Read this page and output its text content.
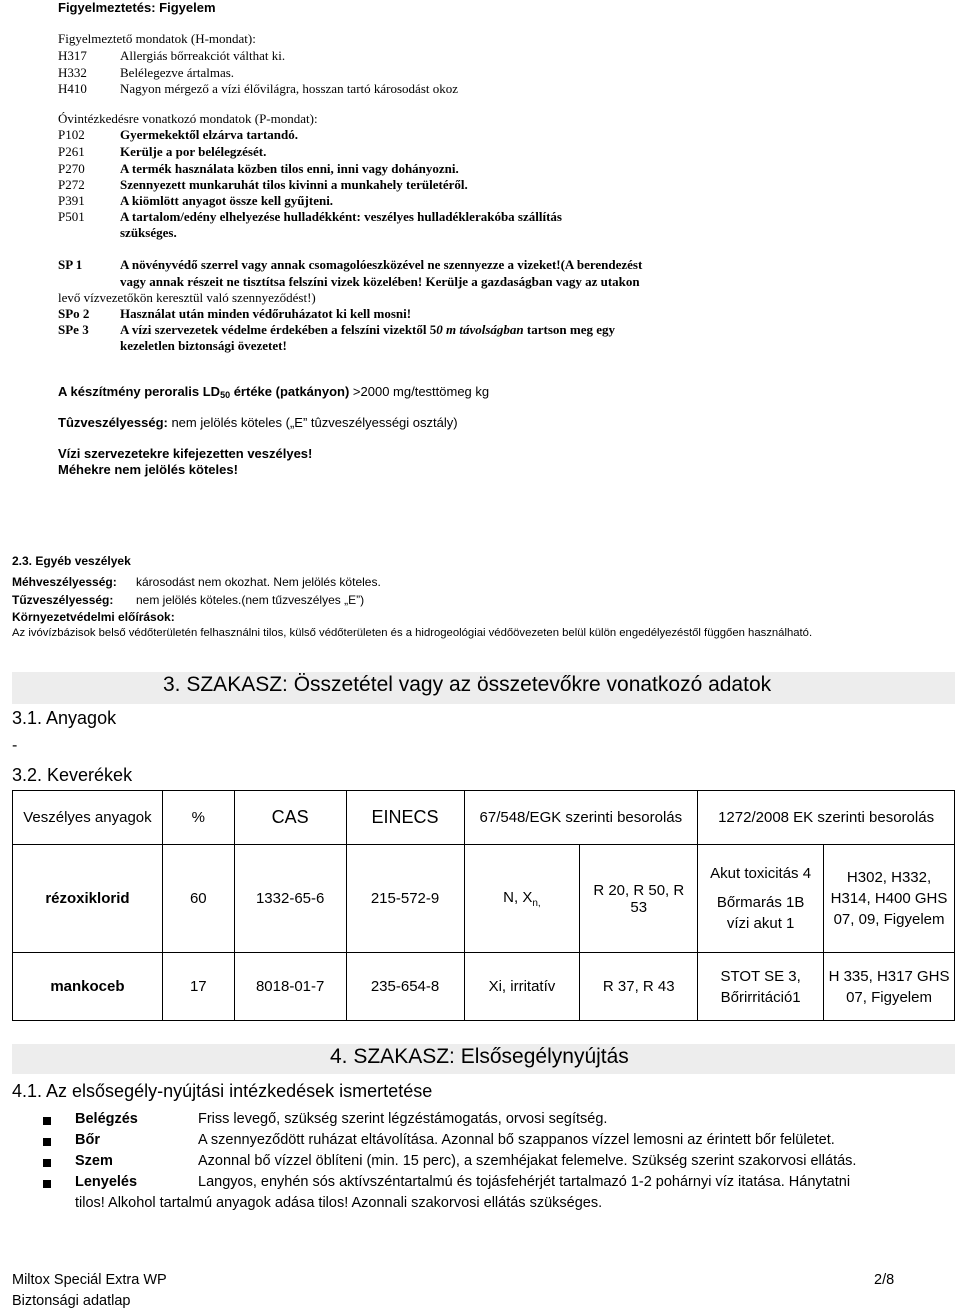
Figyelmeztetés: Figyelem
Figyelmeztető mondatok (H-mondat):
H317	Allergiás bőrreakciót válthat ki.
H332	Belélegezve ártalmas.
H410	Nagyon mérgező a vízi élővilágra, hosszan tartó károsodást okoz
Óvintézkedésre vonatkozó mondatok (P-mondat):
P102	Gyermekektől elzárva tartandó.
P261	Kerülje a por belélegzését.
P270	A termék használata közben tilos enni, inni vagy dohányozni.
P272	Szennyezett munkaruhát tilos kivinni a munkahely területéről.
P391	A kiömlött anyagot össze kell gyűjteni.
P501	A tartalom/edény elhelyezése hulladékként: veszélyes hulladéklerakóba szállítás
szükséges.
SP 1	A növényvédő szerrel vagy annak csomagolóeszközével ne szennyezze a vizeket!(A berendezést
vagy annak részeit ne tisztítsa felszíni vizek közelében! Kerülje a gazdaságban vagy az utakon
levő vízvezetőkön keresztül való szennyeződést!)
SPo 2 Használat után minden védőruházatot ki kell mosni!
SPe 3 A vízi szervezetek védelme érdekében a felszíni vizektől 50 m távolságban tartson meg egy
kezeletlen biztonsági övezetet!
A készítmény peroralis LD50 értéke (patkányon) >2000 mg/testtömeg kg
Tûzveszélyesség: nem jelölés köteles („E” tûzveszélyességi osztály)
Vízi szervezetekre kifejezetten veszélyes!
Méhekre nem jelölés köteles!
2.3. Egyéb veszélyek
Méhveszélyesség: károsodást nem okozhat. Nem jelölés köteles.
Tűzveszélyesség: nem jelölés köteles.(nem tűzveszélyes „E”)
Környezetvédelmi előírások:
Az ivóvízbázisok belső védőterületén felhasználni tilos, külső védőterületen és a hidrogeológiai védőövezeten belül külön engedélyezéstől függően használható.
3. SZAKASZ: Összetétel vagy az összetevőkre vonatkozó adatok
3.1. Anyagok
-
3.2. Keverékek
Veszélyes anyagok	%	CAS	EINECS	67/548/EGK szerinti besorolás		1272/2008 EK szerinti besorolás	
rézoxiklorid	60	1332-65-6	215-572-9	N, $X_{n,}$	R 20, R 50, R 53	Akut toxicitás 4
Bőrmarás 1B
vízi akut 1	H302, H332, H314, H400 GHS 07, 09, Figyelem
mankoceb	17	8018-01-7	235-654-8	Xi, irritatív	R 37, R 43	STOT SE 3, Bőrirritáció1	H 335, H317 GHS 07, Figyelem
4. SZAKASZ: Elsősegélynyújtás
4.1. Az elsősegély-nyújtási intézkedések ismertetése
Belégzés	Friss levegő, szükség szerint légzéstámogatás, orvosi segítség.
Bőr	A szennyeződött ruházat eltávolítása. Azonnal bő szappanos vízzel lemosni az érintett bőr felületet.
Szem	Azonnal bő vízzel öblíteni (min. 15 perc), a szemhéjakat felemelve. Szükség szerint szakorvosi ellátás.
Lenyelés	Langyos, enyhén sós aktívszéntartalmú és tojásfehérjét tartalmazó 1-2 pohárnyi víz itatása. Hánytatni
tilos! Alkohol tartalmú anyagok adása tilos! Azonnali szakorvosi ellátás szükséges.
Miltox Speciál Extra WP
Biztonsági adatlap
2/8
